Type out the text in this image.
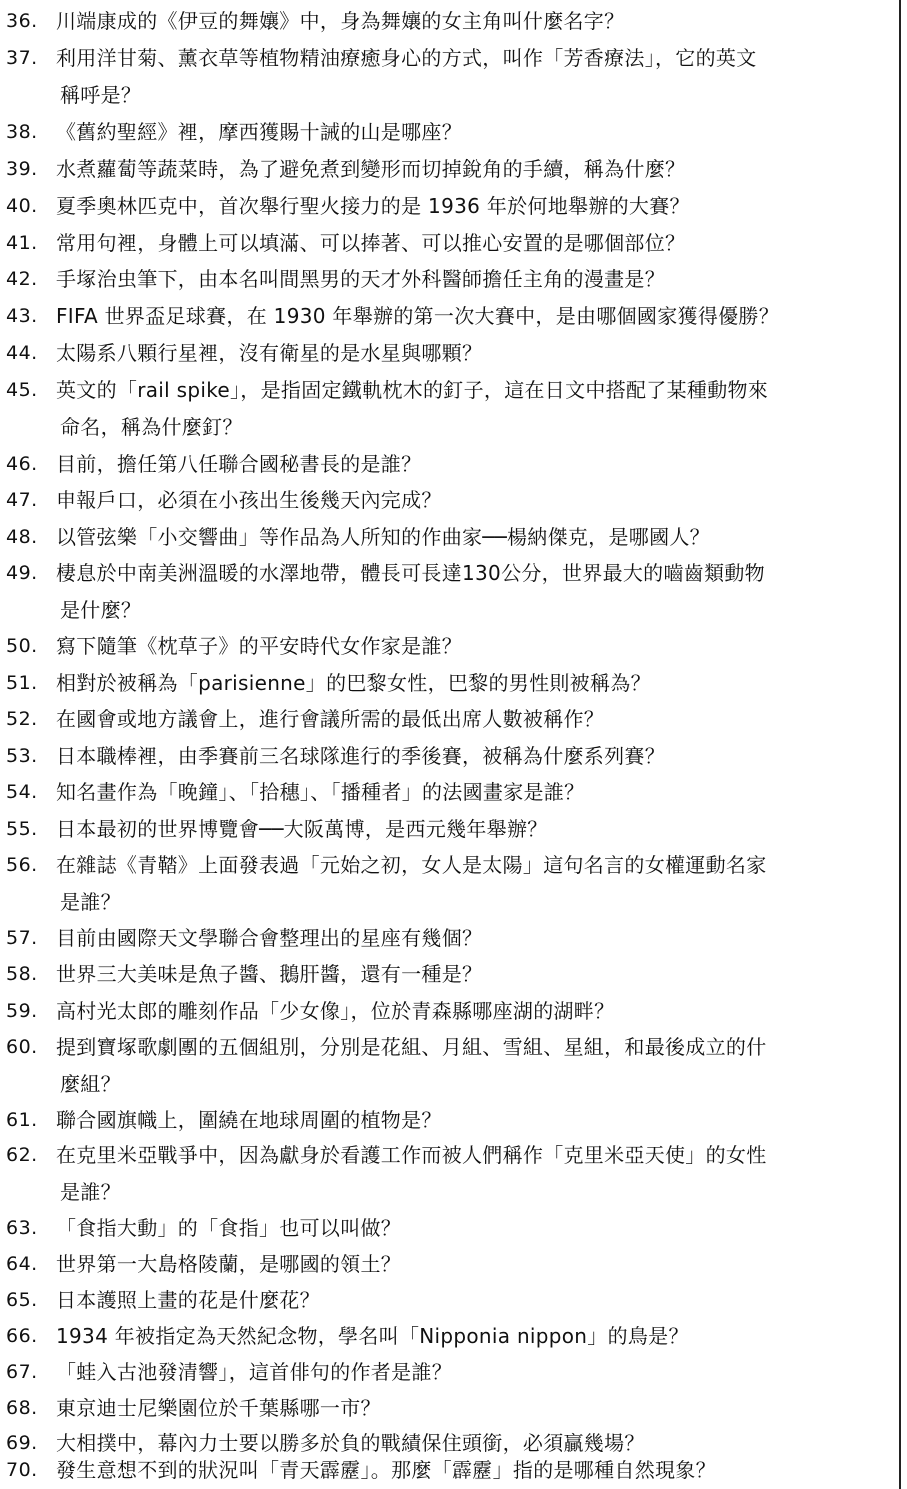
36. 川端康成的《伊豆的舞孃》中，身為舞孃的女主角叫什麼名字？
37. 利用洋甘菊、薰衣草等植物精油療癒身心的方式，叫作「芳香療法」，它的英文
稱呼是？
38. 《舊約聖經》裡，摩西獲賜十誡的山是哪座？
39. 水煮蘿蔔等蔬菜時，為了避免煮到變形而切掉銳角的手續，稱為什麼？
40. 夏季奧林匹克中，首次舉行聖火接力的是 1936 年於何地舉辦的大賽？
41. 常用句裡，身體上可以填滿、可以捧著、可以推心安置的是哪個部位？
42. 手塚治虫筆下，由本名叫間黑男的天才外科醫師擔任主角的漫畫是？
43. FIFA 世界盃足球賽，在 1930 年舉辦的第一次大賽中，是由哪個國家獲得優勝？
44. 太陽系八顆行星裡，沒有衛星的是水星與哪顆？
45. 英文的「rail spike」，是指固定鐵軌枕木的釘子，這在日文中搭配了某種動物來
命名，稱為什麼釘？
46. 目前，擔任第八任聯合國秘書長的是誰？
47. 申報戶口，必須在小孩出生後幾天內完成？
48. 以管弦樂「小交響曲」等作品為人所知的作曲家──楊納傑克，是哪國人？
49. 棲息於中南美洲溫暖的水澤地帶，體長可長達130公分，世界最大的嚙齒類動物
是什麼？
50. 寫下隨筆《枕草子》的平安時代女作家是誰？
51. 相對於被稱為「parisienne」的巴黎女性，巴黎的男性則被稱為？
52. 在國會或地方議會上，進行會議所需的最低出席人數被稱作？
53. 日本職棒裡，由季賽前三名球隊進行的季後賽，被稱為什麼系列賽？
54. 知名畫作為「晚鐘」、「拾穗」、「播種者」的法國畫家是誰？
55. 日本最初的世界博覽會──大阪萬博，是西元幾年舉辦？
56. 在雜誌《青鞜》上面發表過「元始之初，女人是太陽」這句名言的女權運動名家
是誰？
57. 目前由國際天文學聯合會整理出的星座有幾個？
58. 世界三大美味是魚子醬、鵝肝醬，還有一種是？
59. 高村光太郎的雕刻作品「少女像」，位於青森縣哪座湖的湖畔？
60. 提到寶塚歌劇團的五個組別，分別是花組、月組、雪組、星組，和最後成立的什
麼組？
61. 聯合國旗幟上，圍繞在地球周圍的植物是？
62. 在克里米亞戰爭中，因為獻身於看護工作而被人們稱作「克里米亞天使」的女性
是誰？
63. 「食指大動」的「食指」也可以叫做？
64. 世界第一大島格陵蘭，是哪國的領土？
65. 日本護照上畫的花是什麼花？
66. 1934 年被指定為天然紀念物，學名叫「Nipponia nippon」的鳥是？
67. 「蛙入古池發清響」，這首俳句的作者是誰？
68. 東京迪士尼樂園位於千葉縣哪一市？
69. 大相撲中，幕內力士要以勝多於負的戰績保住頭銜，必須贏幾場？
70. 發生意想不到的狀況叫「青天霹靂」。那麼「霹靂」指的是哪種自然現象？
